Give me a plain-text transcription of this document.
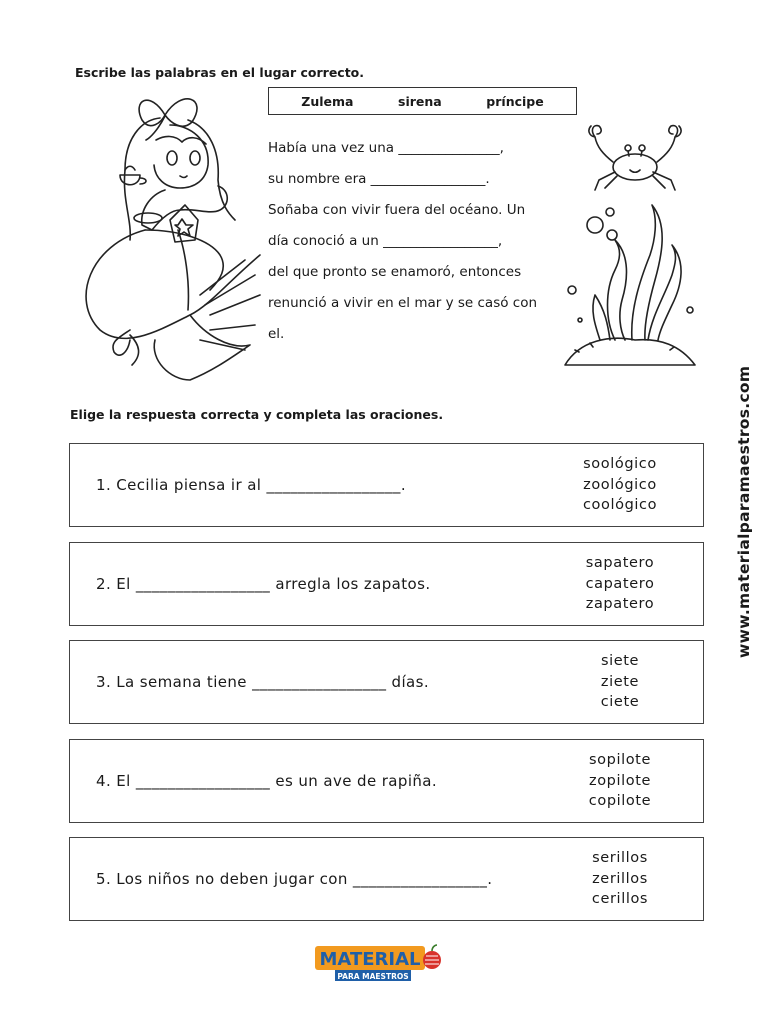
Escribe las palabras en el lugar correcto.
Zulema	sirena	príncipe

Había una vez una _______________,

su nombre era _________________.

Soñaba con vivir fuera del océano. Un

día conoció a un _________________,

del que pronto se enamoró, entonces

renunció a vivir en el mar y se casó con

el.

Elige la respuesta correcta y completa las oraciones.
1. Cecilia piensa ir al _________________.
soológico
zoológico
coológico
2. El _________________ arregla los zapatos.
sapatero
capatero
zapatero
3. La semana tiene _________________ días.
siete
ziete
ciete
4. El _________________ es un ave de rapiña.
sopilote
zopilote
copilote
5. Los niños no deben jugar con _________________.
serillos
zerillos
cerillos
www.materialparamaestros.com
MATERIAL
PARA MAESTROS
